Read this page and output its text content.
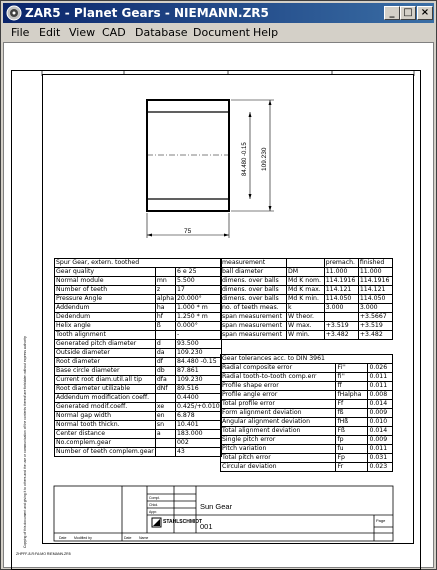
ZAR5 - Planet Gears - NIEMANN.ZR5	_ □ ×
File Edit View CAD Database Document Help
75
109.230
84.480 -0.15
Spur Gear, extern. toothed		
Gear quality		6 e 25
Normal module	mn	5.500
Number of teeth	z	17
Pressure Angle	alpha	20.000°
Addendum	ha	1.000 * m
Dedendum	hf	1.250 * m
Helix angle	ß	0.000°
Tooth alignment		-
Generated pitch diameter	d	93.500
Outside diameter	da	109.230
Root diameter	df	84.480 -0.15
Base circle diameter	db	87.861
Current root diam.util.all tip	dfa	109.230
Root diameter utilizable	dNf	89.516
Addendum modification coeff.		0.4400
Generated modif.coeff.	xe	0.425/+0.010
Normal gap width	en	6.878
Normal tooth thickn.	sn	10.401
Center distance	a	183.000
No.complem.gear		002
Number of teeth complem.gear		43
measurement		premach.	finished
ball diameter	DM	11.000	11.000
dimens. over balls	Md K nom.	114.1916	114.1916
dimens. over balls	Md K max.	114.121	114.121
dimens. over balls	Md K min.	114.050	114.050
no. of teeth meas.	k	3.000	3.000
span measurement	W theor.		+3.5667
span measurement	W max.	+3.519	+3.519
span measurement	W min.	+3.482	+3.482
Gear tolerances acc. to DIN 3961		
Radial composite error	Fi''	0.026
Radial tooth-to-tooth comp.err	fi''	0.011
Profile shape error	ff	0.011
Profile angle error	fHalpha	0.008
Total profile error	Ff	0.014
Form alignment deviation	fß	0.009
Angular alignment deviation	fHß	0.010
Total alignment deviation	Fß	0.014
Single pitch error	fp	0.009
Pitch variation	fu	0.011
Total pitch error	Fp	0.031
Circular deviation	Fr	0.023
Sun Gear
001
STAHLSCHMIDT	Page
Compl.
Chkd.
Appr.
Date Modified by	Date Name
ZHPFF-8-R:FA:MO RIEMANN.ZR5
Copying of this document and giving it to others and the use or communication of the contents thereof are forbidden without express authority
